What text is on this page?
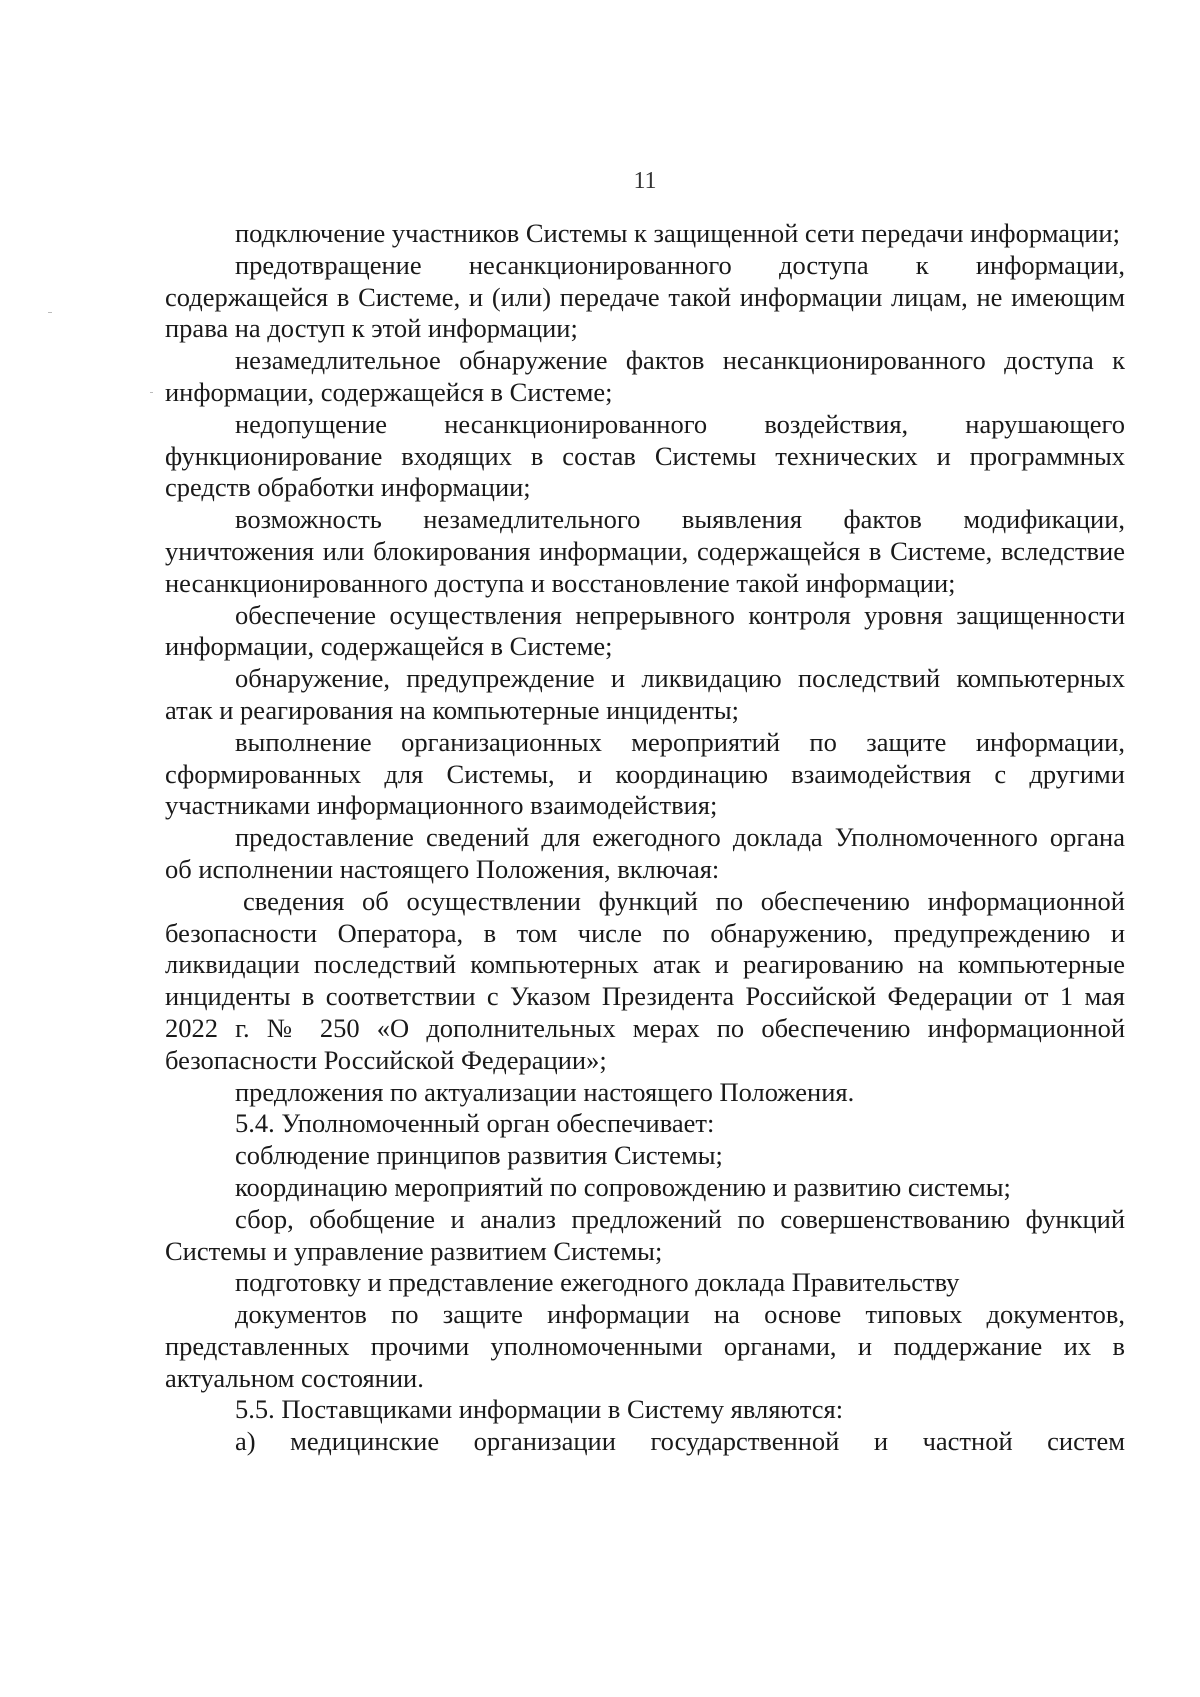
11

подключение участников Системы к защищенной сети передачи информации;

предотвращение несанкционированного доступа к информации, содержащейся в Системе, и (или) передаче такой информации лицам, не имеющим права на доступ к этой информации;

незамедлительное обнаружение фактов несанкционированного доступа к информации, содержащейся в Системе;

недопущение несанкционированного воздействия, нарушающего функционирование входящих в состав Системы технических и программных средств обработки информации;

возможность незамедлительного выявления фактов модификации, уничтожения или блокирования информации, содержащейся в Системе, вследствие несанкционированного доступа и восстановление такой информации;

обеспечение осуществления непрерывного контроля уровня защищенности информации, содержащейся в Системе;

обнаружение, предупреждение и ликвидацию последствий компьютерных атак и реагирования на компьютерные инциденты;

выполнение организационных мероприятий по защите информации, сформированных для Системы, и координацию взаимодействия с другими участниками информационного взаимодействия;

предоставление сведений для ежегодного доклада Уполномоченного органа об исполнении настоящего Положения, включая:

сведения об осуществлении функций по обеспечению информационной безопасности Оператора, в том числе по обнаружению, предупреждению и ликвидации последствий компьютерных атак и реагированию на компьютерные инциденты в соответствии с Указом Президента Российской Федерации от 1 мая 2022 г. № 250 «О дополнительных мерах по обеспечению информационной безопасности Российской Федерации»;

предложения по актуализации настоящего Положения.

5.4. Уполномоченный орган обеспечивает:

соблюдение принципов развития Системы;

координацию мероприятий по сопровождению и развитию системы;

сбор, обобщение и анализ предложений по совершенствованию функций Системы и управление развитием Системы;

подготовку и представление ежегодного доклада Правительству

документов по защите информации на основе типовых документов, представленных прочими уполномоченными органами, и поддержание их в актуальном состоянии.

5.5. Поставщиками информации в Систему являются:

а) медицинские организации государственной и частной систем
